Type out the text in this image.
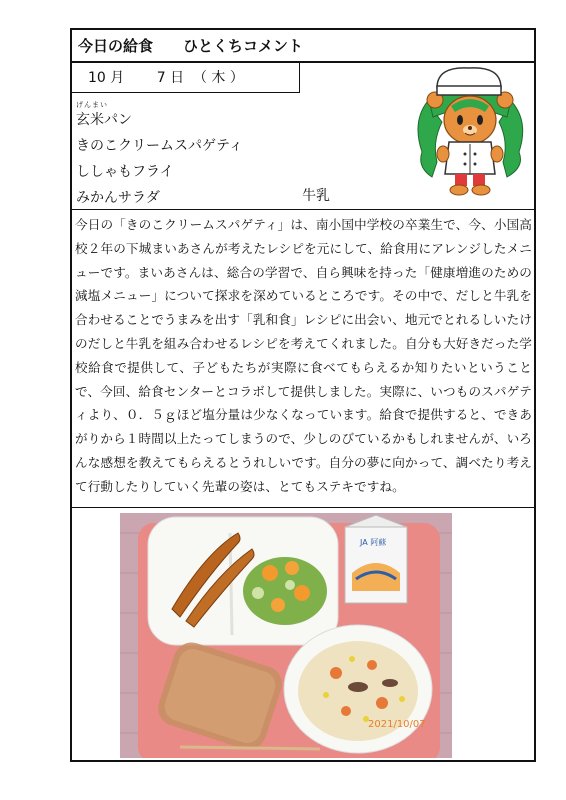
今日の給食　　ひとくちコメント
10 月　　 7 日  （ 木 ）
げんまい
玄米パン
きのこクリームスパゲティ
ししゃもフライ
みかんサラダ	牛乳

今日の「きのこクリームスパゲティ」は、南小国中学校の卒業生で、今、小国高校２年の下城まいあさんが考えたレシピを元にして、給食用にアレンジしたメニューです。まいあさんは、総合の学習で、自ら興味を持った「健康増進のための減塩メニュー」について探求を深めているところです。その中で、だしと牛乳を合わせることでうまみを出す「乳和食」レシピに出会い、地元でとれるしいたけのだしと牛乳を組み合わせるレシピを考えてくれました。自分も大好きだった学校給食で提供して、子どもたちが実際に食べてもらえるか知りたいということで、今回、給食センターとコラボして提供しました。実際に、いつものスパゲティより、０．５ｇほど塩分量は少なくなっています。給食で提供すると、できあがりから１時間以上たってしまうので、少しのびているかもしれませんが、いろんな感想を教えてもらえるとうれしいです。自分の夢に向かって、調べたり考えて行動したりしていく先輩の姿は、とてもステキですね。

JA 阿蘇
2021/10/07
